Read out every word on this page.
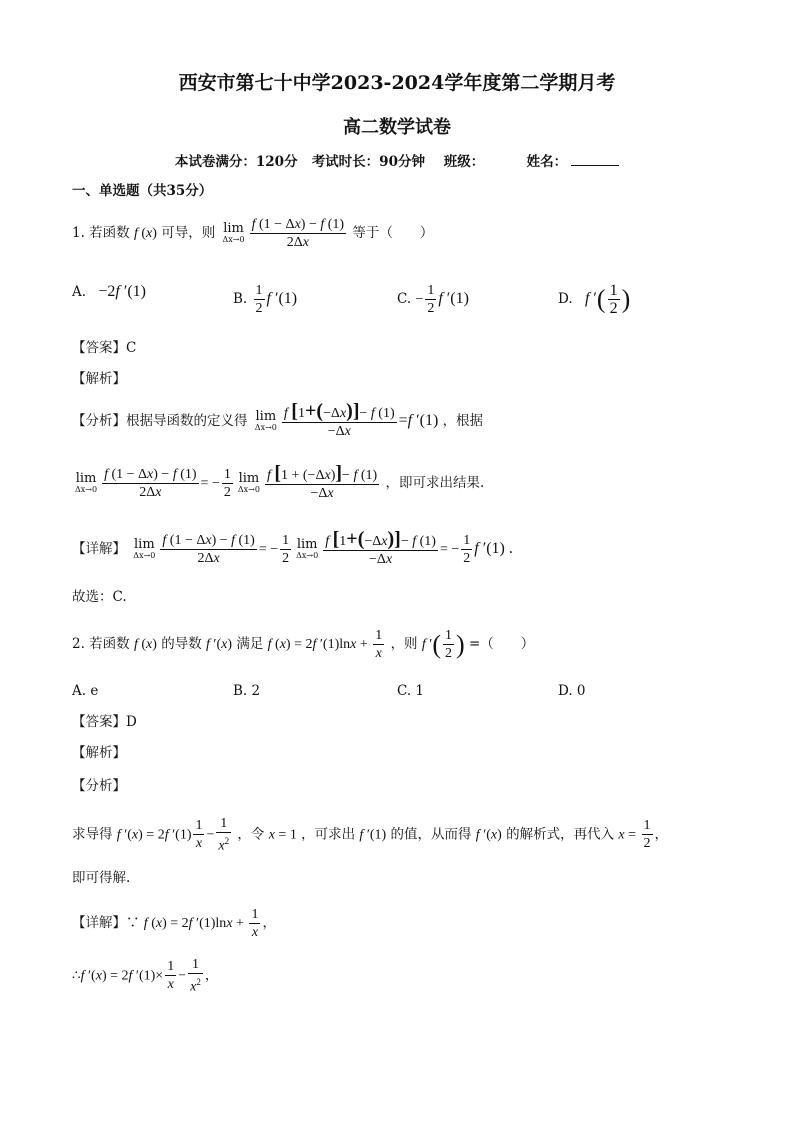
西安市第七十中学2023-2024学年度第二学期月考
高二数学试卷
本试卷满分：120分 考试时长：90分钟 班级：	姓名：
一、单选题（共35分）
1. 若函数 f (x) 可导，则 lim
$\Delta x\to 0 \frac{f (1 - \Delta x) - f (1)}{2\Delta x}$ 等于（　　）
A. −2f ′(1)	B. $\frac{1}{2}$ f ′(1)	C. − $\frac{1}{2}$ f ′(1)	D. f ′( $\frac{1}{2}$ )
【答案】C
【解析】
【分析】根据导函数的定义得 lim
$\Delta x\to 0 \frac{f [1+(-\Delta x)]- f (1)}{-\Delta x} =f$ ′(1) ，根据
lim
$\Delta x\to 0 \frac{f (1 - \Delta x) - f (1)}{2\Delta x}$ = − $\frac{1}{2}$ lim
$\Delta x\to 0 \frac{f [1 + (-\Delta x)]- f (1)}{-\Delta x}$ ，即可求出结果.
【详解】 lim
$\Delta x\to 0 \frac{f (1 - \Delta x) - f (1)}{2\Delta x}$ = − $\frac{1}{2}$ lim
$\Delta x\to 0 \frac{f [1+(-\Delta x)]- f (1)}{-\Delta x}$ = − $\frac{1}{2}$ f ′(1) .
故选：C.
2. 若函数 f (x) 的导数 f ′(x) 满足 f (x) = 2f $'(1)\ln x + \frac{1}{x}$ ，则 f ′( $\frac{1}{2}$ ) =（　　）
A. e	B. 2	C. 1	D. 0
【答案】D
【解析】
【分析】
求导得 f ′(x) = 2f $'(1) \frac{1}{x} - \frac{1}{x^2}$ ，令 x = 1 ，可求出 f ′(1) 的值，从而得 f ′(x) 的解析式，再代入 $x = \frac{1}{2}$ ，
即可得解.
【详解】∵ f (x) = 2f $'(1)\ln x + \frac{1}{x}$ ，
∴f ′(x) = 2f $'(1)\times \frac{1}{x} - \frac{1}{x^2}$ ，
